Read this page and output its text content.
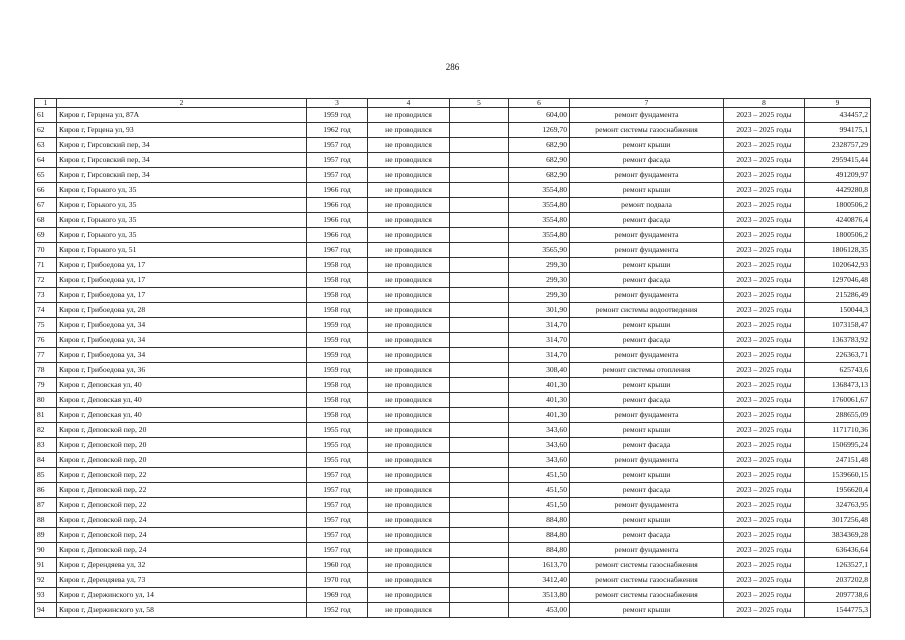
286
1	2	3	4	5	6	7	8	9
61	Киров г, Герцена ул, 87А	1959 год	не проводился		604,00	ремонт фундамента	2023 – 2025 годы	434457,2
62	Киров г, Герцена ул, 93	1962 год	не проводился		1269,70	ремонт системы газоснабжения	2023 – 2025 годы	994175,1
63	Киров г, Гирсовский пер, 34	1957 год	не проводился		682,90	ремонт крыши	2023 – 2025 годы	2328757,29
64	Киров г, Гирсовский пер, 34	1957 год	не проводился		682,90	ремонт фасада	2023 – 2025 годы	2959415,44
65	Киров г, Гирсовский пер, 34	1957 год	не проводился		682,90	ремонт фундамента	2023 – 2025 годы	491209,97
66	Киров г, Горького ул, 35	1966 год	не проводился		3554,80	ремонт крыши	2023 – 2025 годы	4429280,8
67	Киров г, Горького ул, 35	1966 год	не проводился		3554,80	ремонт подвала	2023 – 2025 годы	1800506,2
68	Киров г, Горького ул, 35	1966 год	не проводился		3554,80	ремонт фасада	2023 – 2025 годы	4240876,4
69	Киров г, Горького ул, 35	1966 год	не проводился		3554,80	ремонт фундамента	2023 – 2025 годы	1800506,2
70	Киров г, Горького ул, 51	1967 год	не проводился		3565,90	ремонт фундамента	2023 – 2025 годы	1806128,35
71	Киров г, Грибоедова ул, 17	1958 год	не проводился		299,30	ремонт крыши	2023 – 2025 годы	1020642,93
72	Киров г, Грибоедова ул, 17	1958 год	не проводился		299,30	ремонт фасада	2023 – 2025 годы	1297046,48
73	Киров г, Грибоедова ул, 17	1958 год	не проводился		299,30	ремонт фундамента	2023 – 2025 годы	215286,49
74	Киров г, Грибоедова ул, 28	1958 год	не проводился		301,90	ремонт системы водоотведения	2023 – 2025 годы	150044,3
75	Киров г, Грибоедова ул, 34	1959 год	не проводился		314,70	ремонт крыши	2023 – 2025 годы	1073158,47
76	Киров г, Грибоедова ул, 34	1959 год	не проводился		314,70	ремонт фасада	2023 – 2025 годы	1363783,92
77	Киров г, Грибоедова ул, 34	1959 год	не проводился		314,70	ремонт фундамента	2023 – 2025 годы	226363,71
78	Киров г, Грибоедова ул, 36	1959 год	не проводился		308,40	ремонт системы отопления	2023 – 2025 годы	625743,6
79	Киров г, Деповская ул, 40	1958 год	не проводился		401,30	ремонт крыши	2023 – 2025 годы	1368473,13
80	Киров г, Деповская ул, 40	1958 год	не проводился		401,30	ремонт фасада	2023 – 2025 годы	1760061,67
81	Киров г, Деповская ул, 40	1958 год	не проводился		401,30	ремонт фундамента	2023 – 2025 годы	288655,09
82	Киров г, Деповской пер, 20	1955 год	не проводился		343,60	ремонт крыши	2023 – 2025 годы	1171710,36
83	Киров г, Деповской пер, 20	1955 год	не проводился		343,60	ремонт фасада	2023 – 2025 годы	1506995,24
84	Киров г, Деповской пер, 20	1955 год	не проводился		343,60	ремонт фундамента	2023 – 2025 годы	247151,48
85	Киров г, Деповской пер, 22	1957 год	не проводился		451,50	ремонт крыши	2023 – 2025 годы	1539660,15
86	Киров г, Деповской пер, 22	1957 год	не проводился		451,50	ремонт фасада	2023 – 2025 годы	1956620,4
87	Киров г, Деповской пер, 22	1957 год	не проводился		451,50	ремонт фундамента	2023 – 2025 годы	324763,95
88	Киров г, Деповской пер, 24	1957 год	не проводился		884,80	ремонт крыши	2023 – 2025 годы	3017256,48
89	Киров г, Деповской пер, 24	1957 год	не проводился		884,80	ремонт фасада	2023 – 2025 годы	3834369,28
90	Киров г, Деповской пер, 24	1957 год	не проводился		884,80	ремонт фундамента	2023 – 2025 годы	636436,64
91	Киров г, Дерендяева ул, 32	1960 год	не проводился		1613,70	ремонт системы газоснабжения	2023 – 2025 годы	1263527,1
92	Киров г, Дерендяева ул, 73	1970 год	не проводился		3412,40	ремонт системы газоснабжения	2023 – 2025 годы	2037202,8
93	Киров г, Дзержинского ул, 14	1969 год	не проводился		3513,80	ремонт системы газоснабжения	2023 – 2025 годы	2097738,6
94	Киров г, Дзержинского ул, 58	1952 год	не проводился		453,00	ремонт крыши	2023 – 2025 годы	1544775,3
